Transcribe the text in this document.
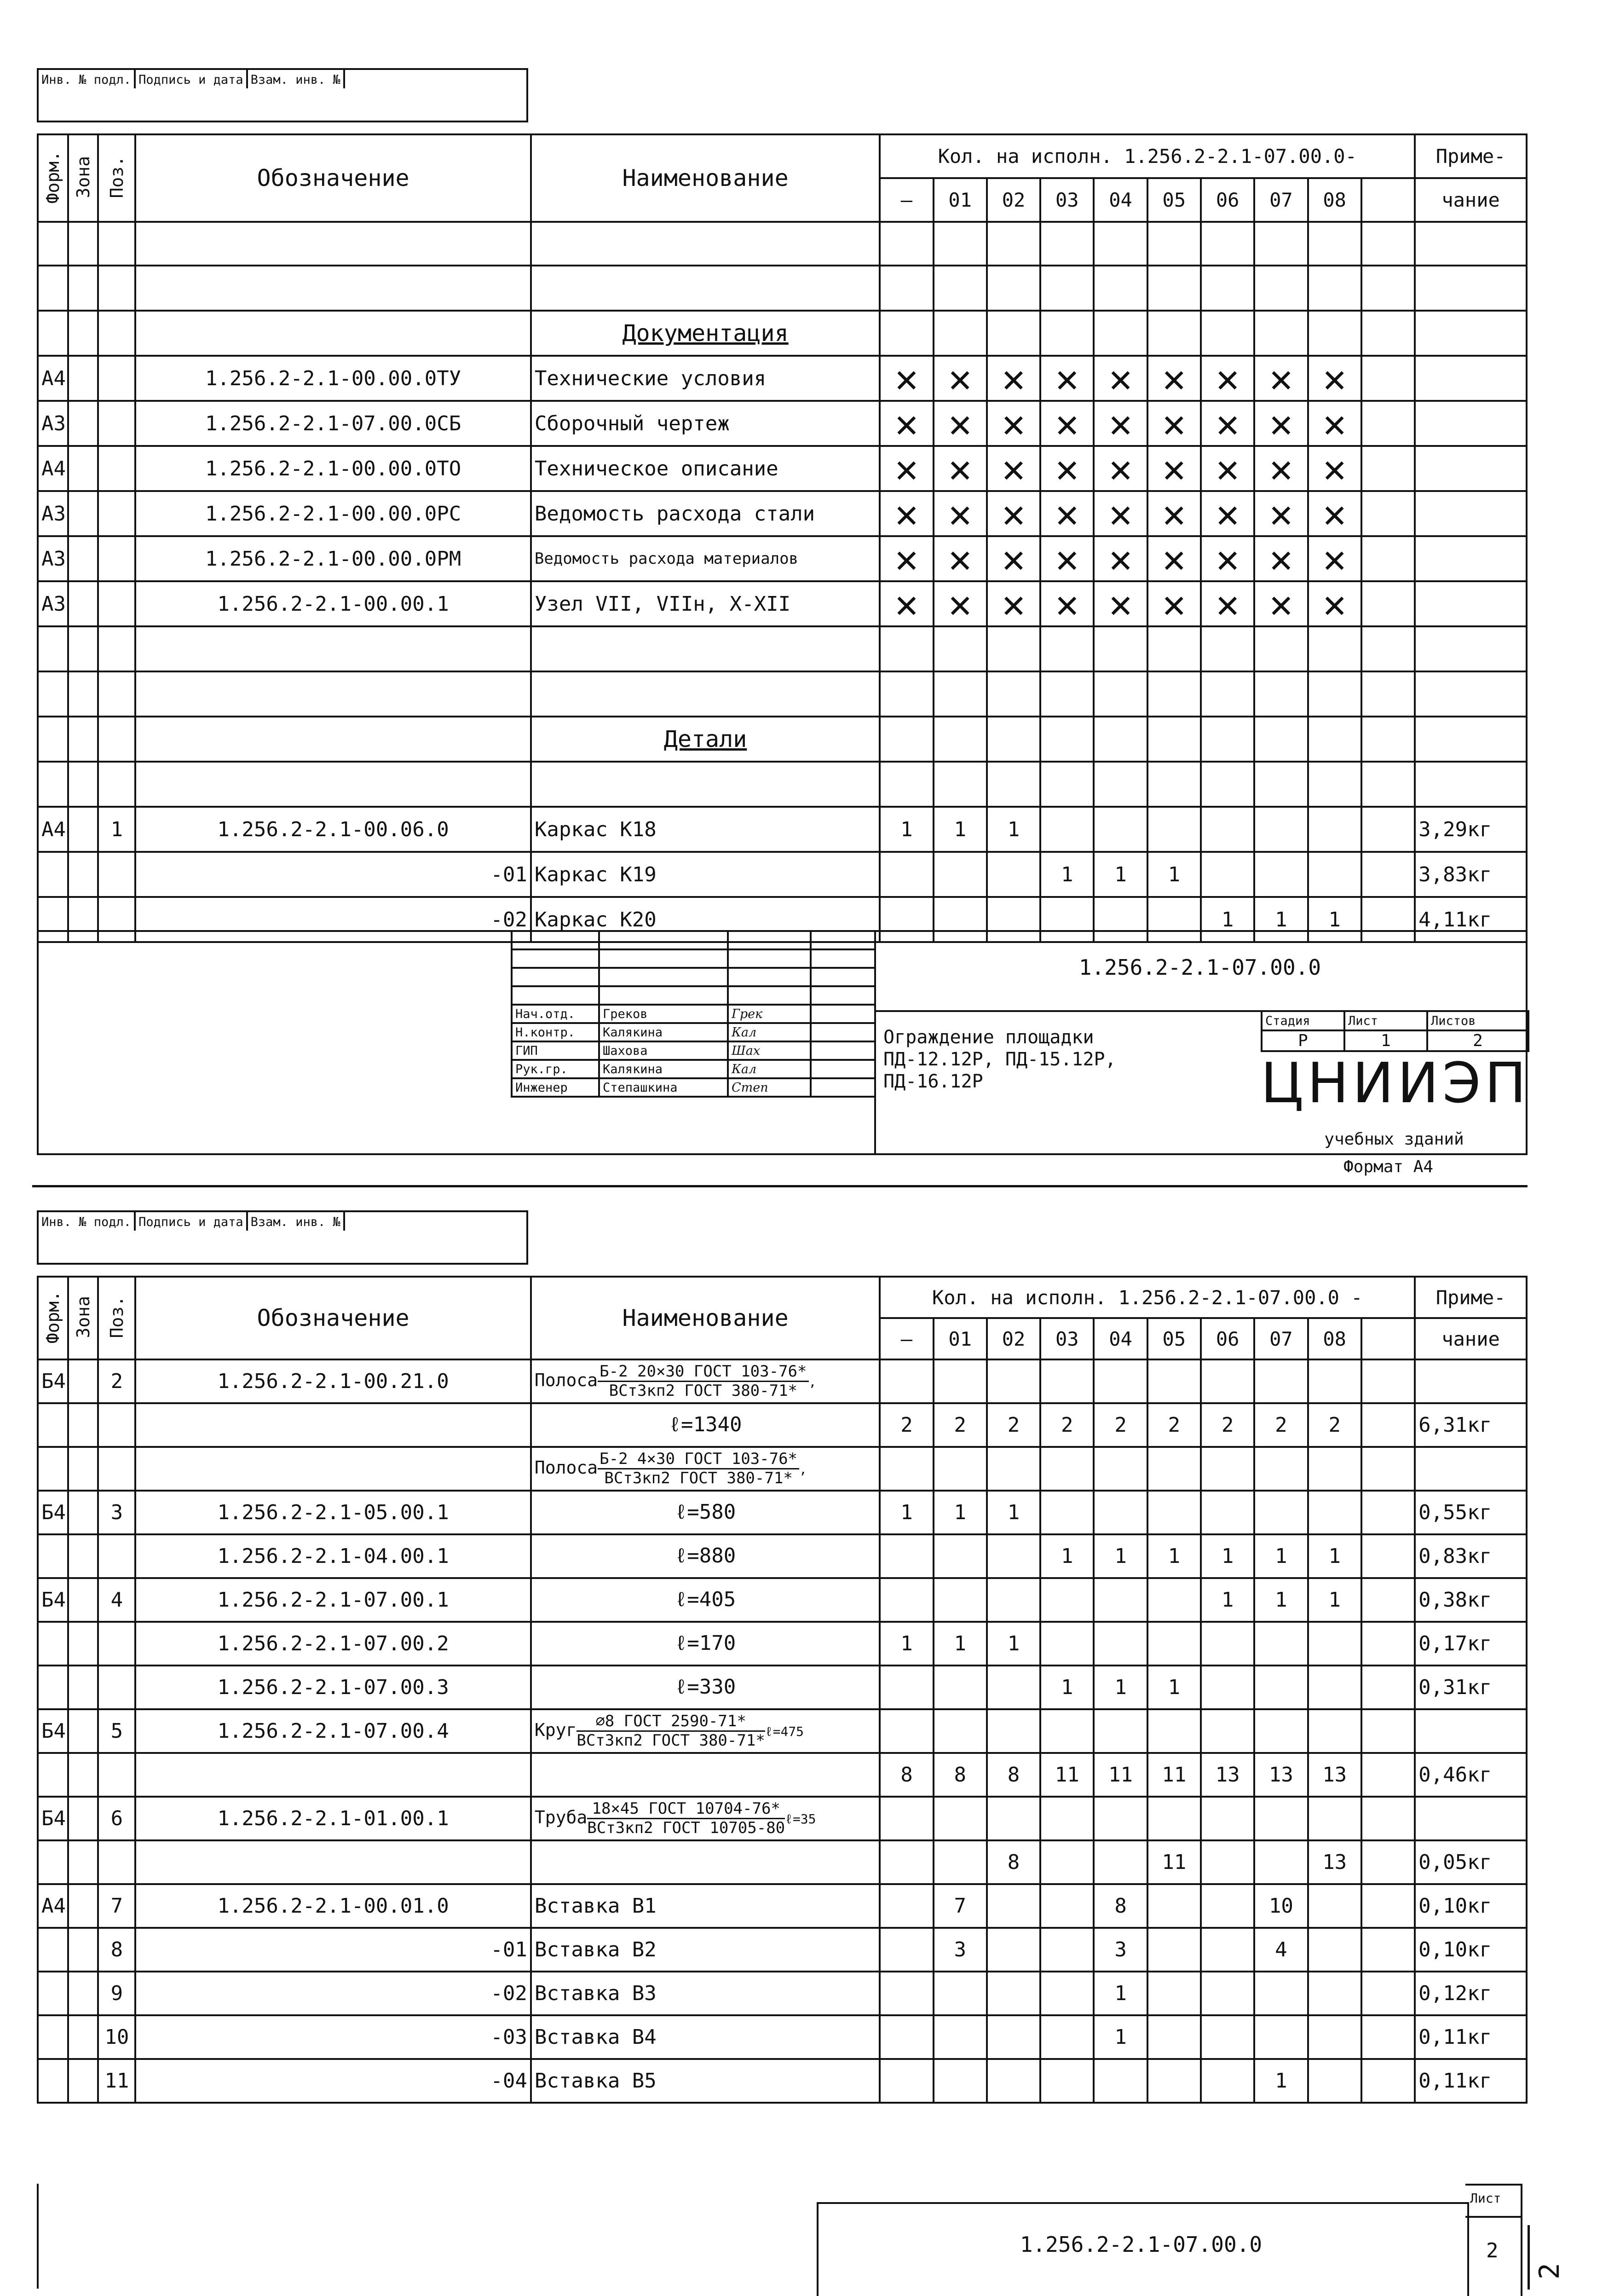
Инв. № подл. Подпись и дата Взам. инв. №
Форм.	Зона	Поз.	Обозначение	Наименование	Кол. на исполн. 1.256.2-2.1-07.00.0-										Приме-
					—	01	02	03	04	05	06	07	08		чание

				Документация											
А4			1.256.2-2.1-00.00.0ТУ	Технические условия	✕	✕	✕	✕	✕	✕	✕	✕	✕		
А3			1.256.2-2.1-07.00.0СБ	Сборочный чертеж	✕	✕	✕	✕	✕	✕	✕	✕	✕		
А4			1.256.2-2.1-00.00.0ТО	Техническое описание	✕	✕	✕	✕	✕	✕	✕	✕	✕		
А3			1.256.2-2.1-00.00.0РС	Ведомость расхода стали	✕	✕	✕	✕	✕	✕	✕	✕	✕		
А3			1.256.2-2.1-00.00.0РМ	Ведомость расхода материалов	✕	✕	✕	✕	✕	✕	✕	✕	✕		
А3			1.256.2-2.1-00.00.1	Узел VII, VIIн, X-XII	✕	✕	✕	✕	✕	✕	✕	✕	✕		

				Детали											

А4		1	1.256.2-2.1-00.06.0	Каркас К18	1	1	1								3,29кг
			-01	Каркас К19				1	1	1					3,83кг
			-02	Каркас К20							1	1	1		4,11кг

Нач.отд.	Греков	Грек	
Н.контр.	Калякина	Кал	
ГИП	Шахова	Шах	
Рук.гр.	Калякина	Кал	
Инженер	Степашкина	Степ	
1.256.2-2.1-07.00.0
Ограждение площадки
ПД-12.12Р, ПД-15.12Р,
ПД-16.12Р
Стадия	Лист	Листов
Р	1	2
ЦНИИЭП
учебных зданий
Формат А4
Инв. № подл. Подпись и дата Взам. инв. №
Форм.	Зона	Поз.	Обозначение	Наименование	Кол. на исполн. 1.256.2-2.1-07.00.0 -										Приме-
					—	01	02	03	04	05	06	07	08		чание
Б4		2	1.256.2-2.1-00.21.0	Полоса $\frac{\text{Б-2 20×30 ГОСТ 103-76*}}{\text{ВСт3кп2 ГОСТ 380-71*}}$,											
				ℓ=1340	2	2	2	2	2	2	2	2	2		6,31кг
				Полоса $\frac{\text{Б-2 4×30 ГОСТ 103-76*}}{\text{ВСт3кп2 ГОСТ 380-71*}}$,											
Б4		3	1.256.2-2.1-05.00.1	ℓ=580	1	1	1								0,55кг
			1.256.2-2.1-04.00.1	ℓ=880				1	1	1	1	1	1		0,83кг
Б4		4	1.256.2-2.1-07.00.1	ℓ=405							1	1	1		0,38кг
			1.256.2-2.1-07.00.2	ℓ=170	1	1	1								0,17кг
			1.256.2-2.1-07.00.3	ℓ=330				1	1	1					0,31кг
Б4		5	1.256.2-2.1-07.00.4	Круг $\frac{\text{∅8 ГОСТ 2590-71*}}{\text{ВСт3кп2 ГОСТ 380-71*}}\ell=475$											
					8	8	8	11	11	11	13	13	13		0,46кг
Б4		6	1.256.2-2.1-01.00.1	Труба $\frac{\text{18×45 ГОСТ 10704-76*}}{\text{ВСт3кп2 ГОСТ 10705-80}}\ell=35$											
							8			11			13		0,05кг
А4		7	1.256.2-2.1-00.01.0	Вставка В1		7			8			10			0,10кг
		8	-01	Вставка В2		3			3			4			0,10кг
		9	-02	Вставка В3					1						0,12кг
		10	-03	Вставка В4					1						0,11кг
		11	-04	Вставка В5								1			0,11кг
1.256.2-2.1-07.00.0
Лист
2
2
